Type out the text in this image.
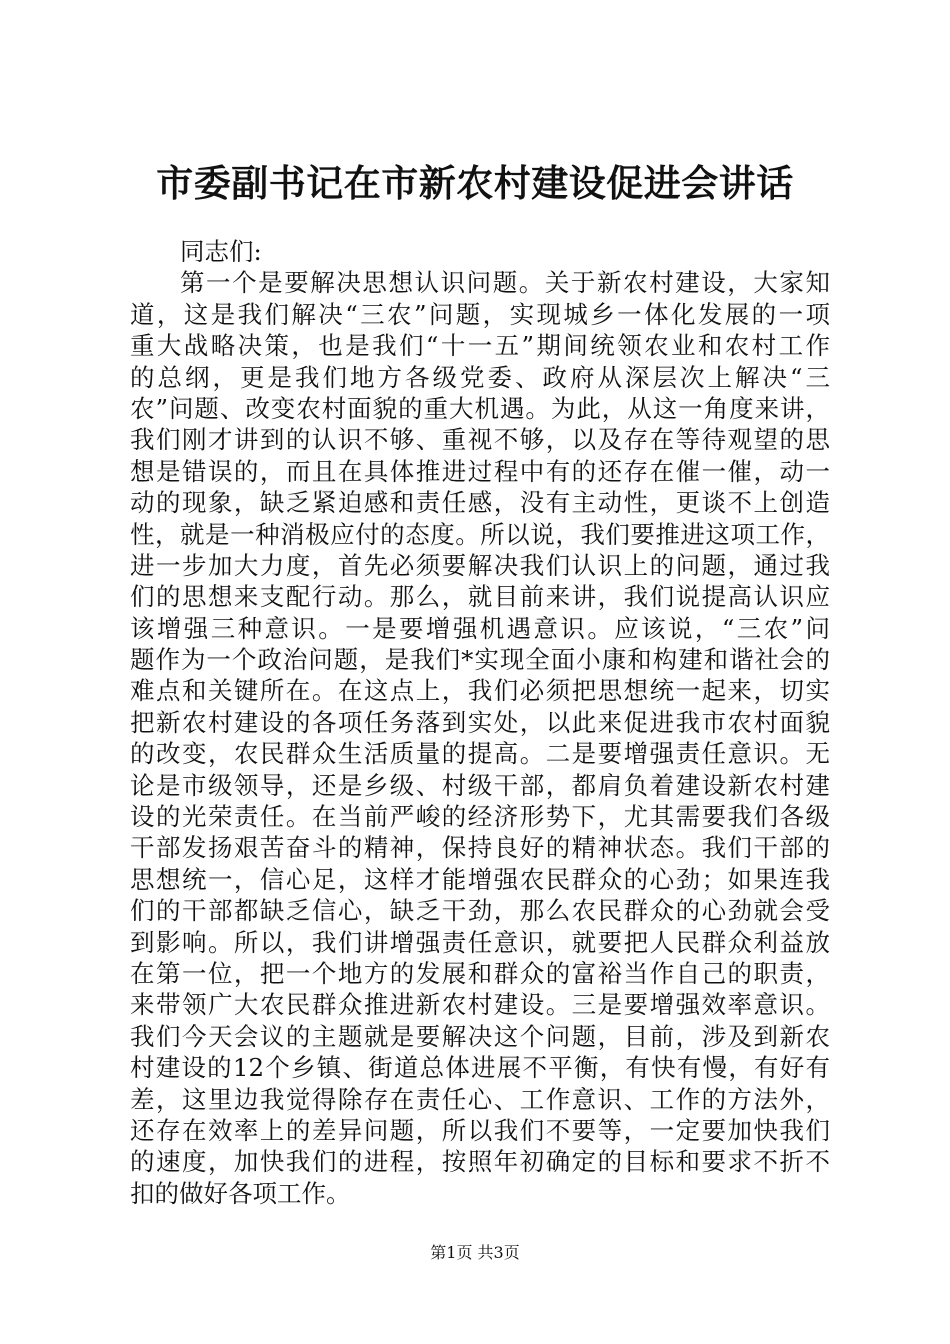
市委副书记在市新农村建设促进会讲话
同志们:
第一个是要解决思想认识问题。关于新农村建设，大家知
道，这是我们解决“三农”问题，实现城乡一体化发展的一项
重大战略决策，也是我们“十一五”期间统领农业和农村工作
的总纲，更是我们地方各级党委、政府从深层次上解决“三
农”问题、改变农村面貌的重大机遇。为此，从这一角度来讲，
我们刚才讲到的认识不够、重视不够，以及存在等待观望的思
想是错误的，而且在具体推进过程中有的还存在催一催，动一
动的现象，缺乏紧迫感和责任感，没有主动性，更谈不上创造
性，就是一种消极应付的态度。所以说，我们要推进这项工作，
进一步加大力度，首先必须要解决我们认识上的问题，通过我
们的思想来支配行动。那么，就目前来讲，我们说提高认识应
该增强三种意识。一是要增强机遇意识。应该说，“三农”问
题作为一个政治问题，是我们*实现全面小康和构建和谐社会的
难点和关键所在。在这点上，我们必须把思想统一起来，切实
把新农村建设的各项任务落到实处，以此来促进我市农村面貌
的改变，农民群众生活质量的提高。二是要增强责任意识。无
论是市级领导，还是乡级、村级干部，都肩负着建设新农村建
设的光荣责任。在当前严峻的经济形势下，尤其需要我们各级
干部发扬艰苦奋斗的精神，保持良好的精神状态。我们干部的
思想统一，信心足，这样才能增强农民群众的心劲；如果连我
们的干部都缺乏信心，缺乏干劲，那么农民群众的心劲就会受
到影响。所以，我们讲增强责任意识，就要把人民群众利益放
在第一位，把一个地方的发展和群众的富裕当作自己的职责，
来带领广大农民群众推进新农村建设。三是要增强效率意识。
我们今天会议的主题就是要解决这个问题，目前，涉及到新农
村建设的12个乡镇、街道总体进展不平衡，有快有慢，有好有
差，这里边我觉得除存在责任心、工作意识、工作的方法外，
还存在效率上的差异问题，所以我们不要等，一定要加快我们
的速度，加快我们的进程，按照年初确定的目标和要求不折不
扣的做好各项工作。
第1页 共3页
